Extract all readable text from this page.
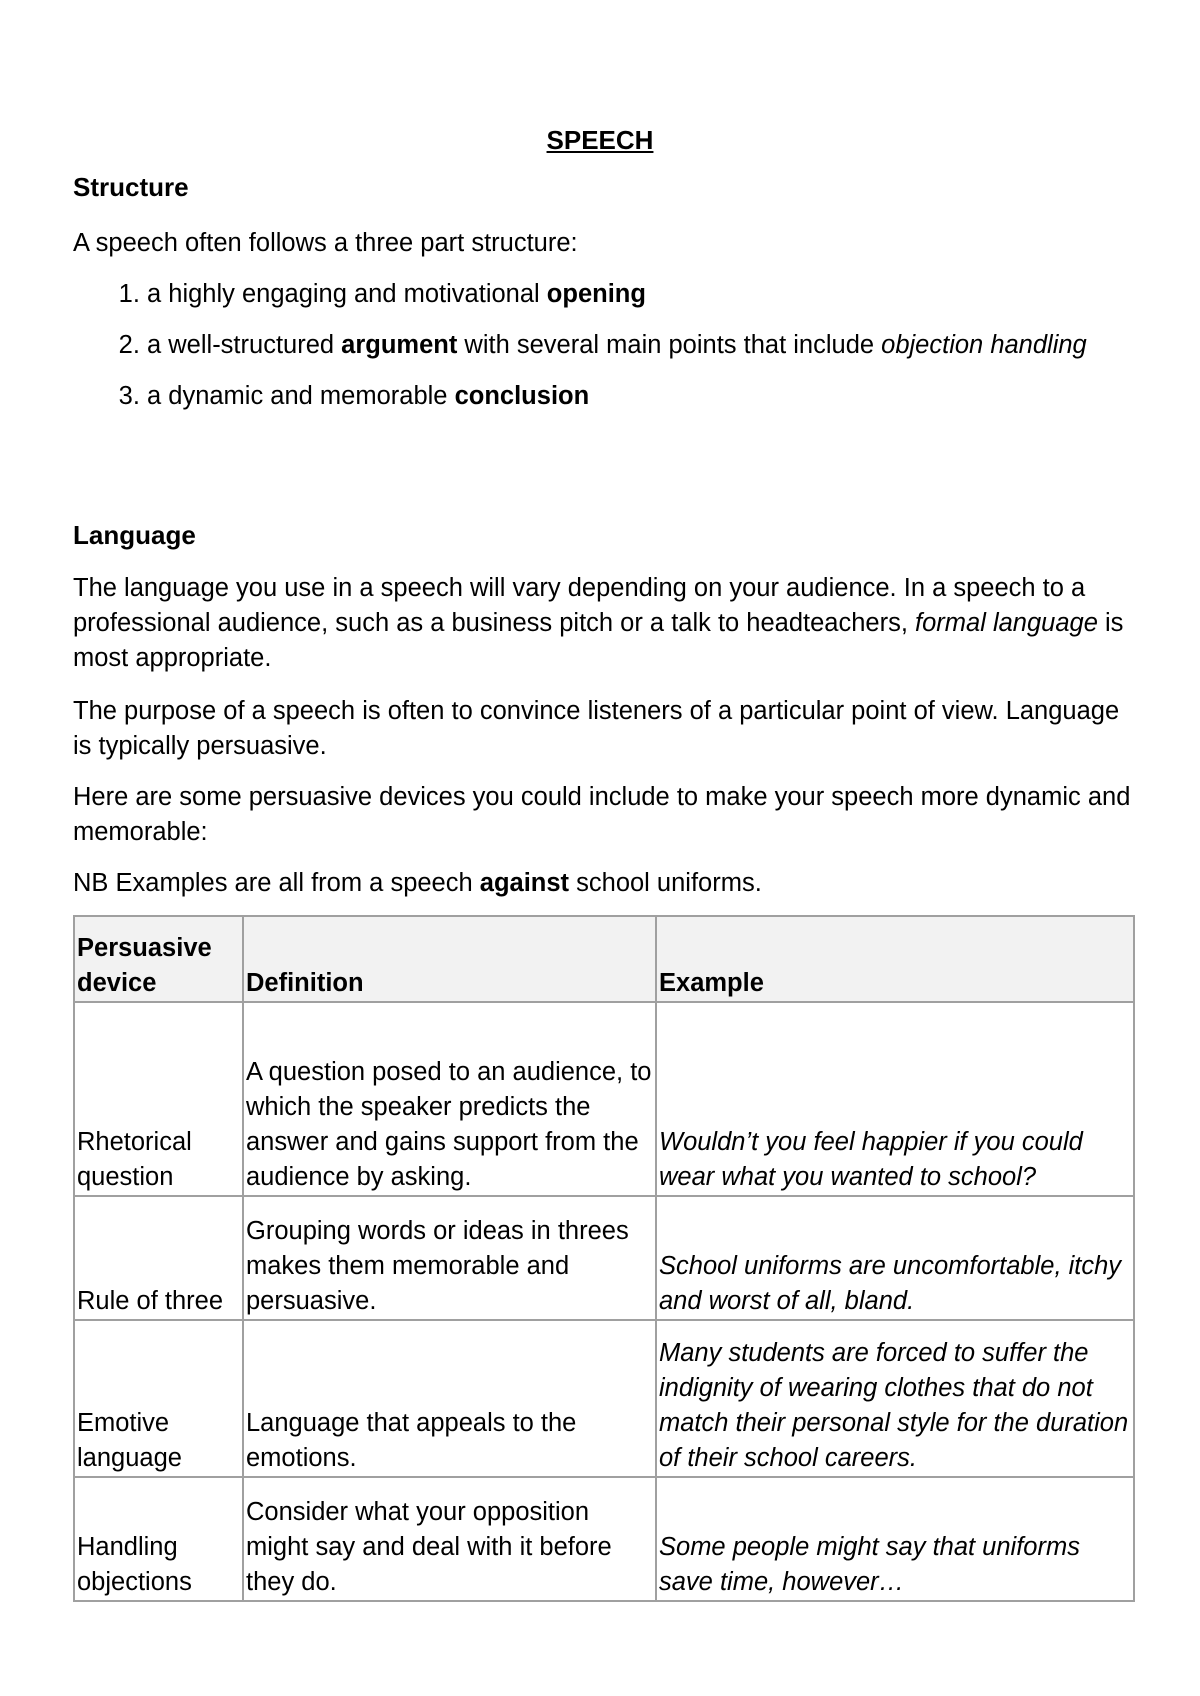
SPEECH
Structure
A speech often follows a three part structure:
1. a highly engaging and motivational opening
2. a well-structured argument with several main points that include objection handling
3. a dynamic and memorable conclusion
Language
The language you use in a speech will vary depending on your audience. In a speech to a professional audience, such as a business pitch or a talk to headteachers, formal language is most appropriate.
The purpose of a speech is often to convince listeners of a particular point of view. Language is typically persuasive.
Here are some persuasive devices you could include to make your speech more dynamic and memorable:
NB Examples are all from a speech against school uniforms.
Persuasive device	Definition	Example
Rhetorical question	A question posed to an audience, to which the speaker predicts the answer and gains support from the audience by asking.	Wouldn’t you feel happier if you could wear what you wanted to school?
Rule of three	Grouping words or ideas in threes makes them memorable and persuasive.	School uniforms are uncomfortable, itchy and worst of all, bland.
Emotive language	Language that appeals to the emotions.	Many students are forced to suffer the indignity of wearing clothes that do not match their personal style for the duration of their school careers.
Handling objections	Consider what your opposition might say and deal with it before they do.	Some people might say that uniforms save time, however…
